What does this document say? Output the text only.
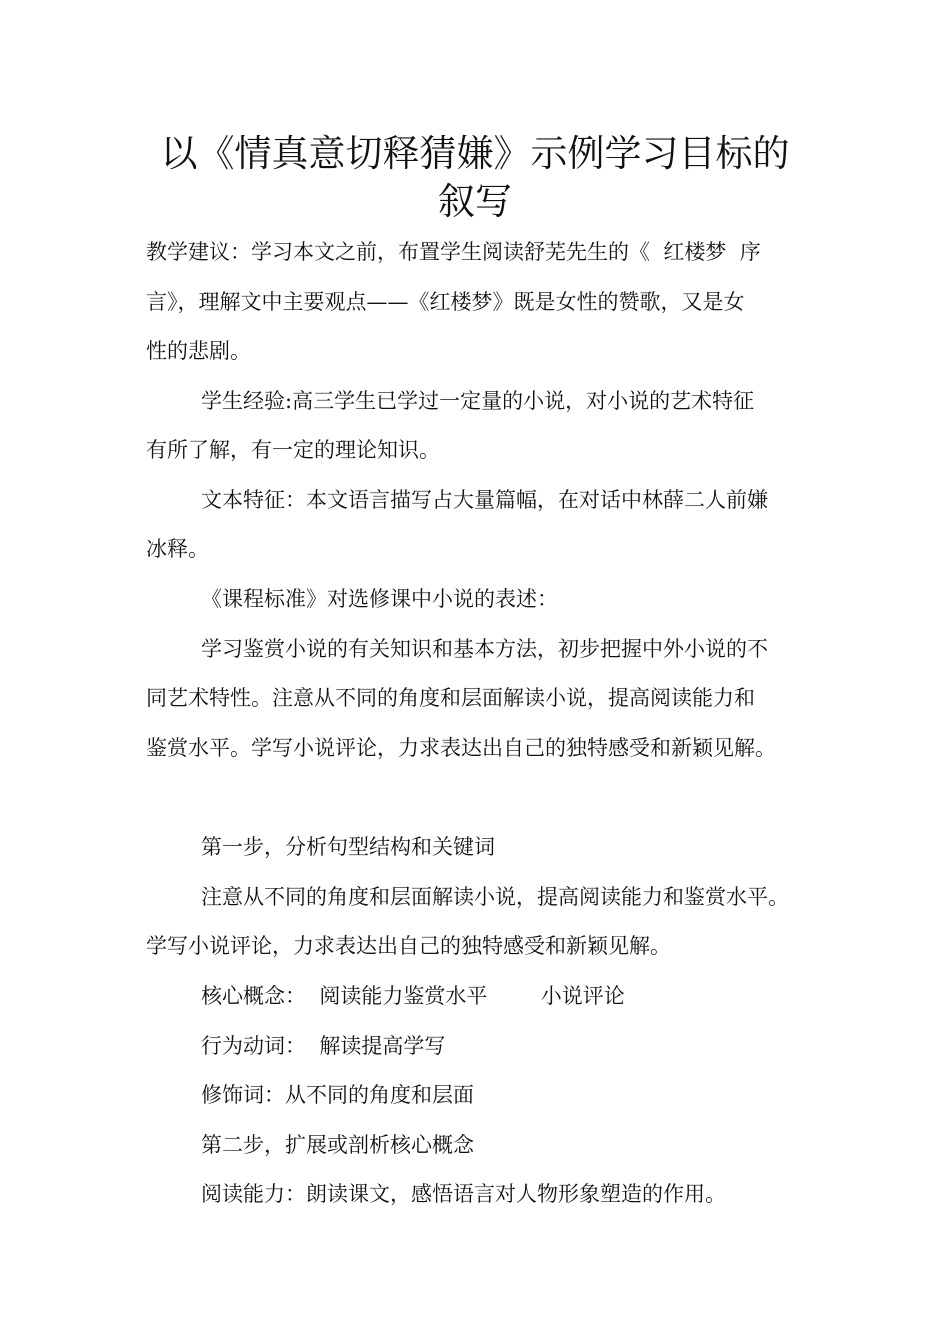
以《情真意切释猜嫌》示例学习目标的
叙写
教学建议：学习本文之前，布置学生阅读舒芜先生的《  红楼梦  序
言》，理解文中主要观点——《红楼梦》既是女性的赞歌，又是女
性的悲剧。
学生经验:高三学生已学过一定量的小说，对小说的艺术特征
有所了解，有一定的理论知识。
文本特征：本文语言描写占大量篇幅，在对话中林薛二人前嫌
冰释。
《课程标准》对选修课中小说的表述：
学习鉴赏小说的有关知识和基本方法，初步把握中外小说的不
同艺术特性。注意从不同的角度和层面解读小说，提高阅读能力和
鉴赏水平。学写小说评论，力求表达出自己的独特感受和新颖见解。
第一步，分析句型结构和关键词
注意从不同的角度和层面解读小说，提高阅读能力和鉴赏水平。
学写小说评论，力求表达出自己的独特感受和新颖见解。
核心概念：  阅读能力鉴赏水平        小说评论
行为动词：  解读提高学写
修饰词：从不同的角度和层面
第二步，扩展或剖析核心概念
阅读能力：朗读课文，感悟语言对人物形象塑造的作用。
